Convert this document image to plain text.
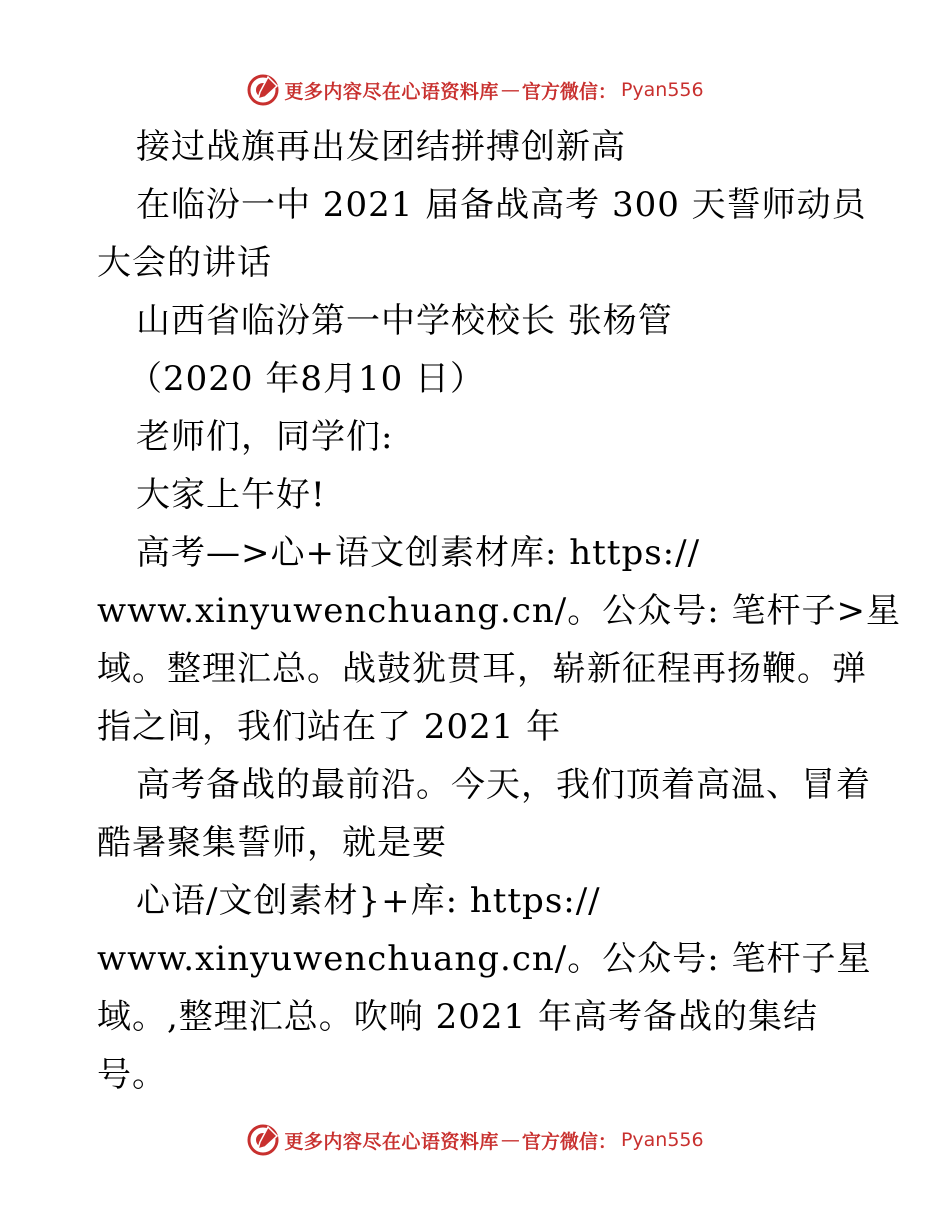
更多内容尽在心语资料库 — 官方微信： Pyan556
接过战旗再出发团结拼搏创新高
在临汾一中 2021 届备战高考 300 天誓师动员
大会的讲话
山西省临汾第一中学校校长 张杨管
（2020 年8月10 日）
老师们，同学们:
大家上午好!
高考—>心+语文创素材库: https://
www.xinyuwenchuang.cn/。公众号: 笔杆子>星
域。整理汇总。战鼓犹贯耳，崭新征程再扬鞭。弹
指之间，我们站在了 2021 年
高考备战的最前沿。今天，我们顶着高温、冒着
酷暑聚集誓师，就是要
心语/文创素材}+库: https://
www.xinyuwenchuang.cn/。公众号: 笔杆子星
域。,整理汇总。吹响 2021 年高考备战的集结
号。
更多内容尽在心语资料库 — 官方微信： Pyan556
